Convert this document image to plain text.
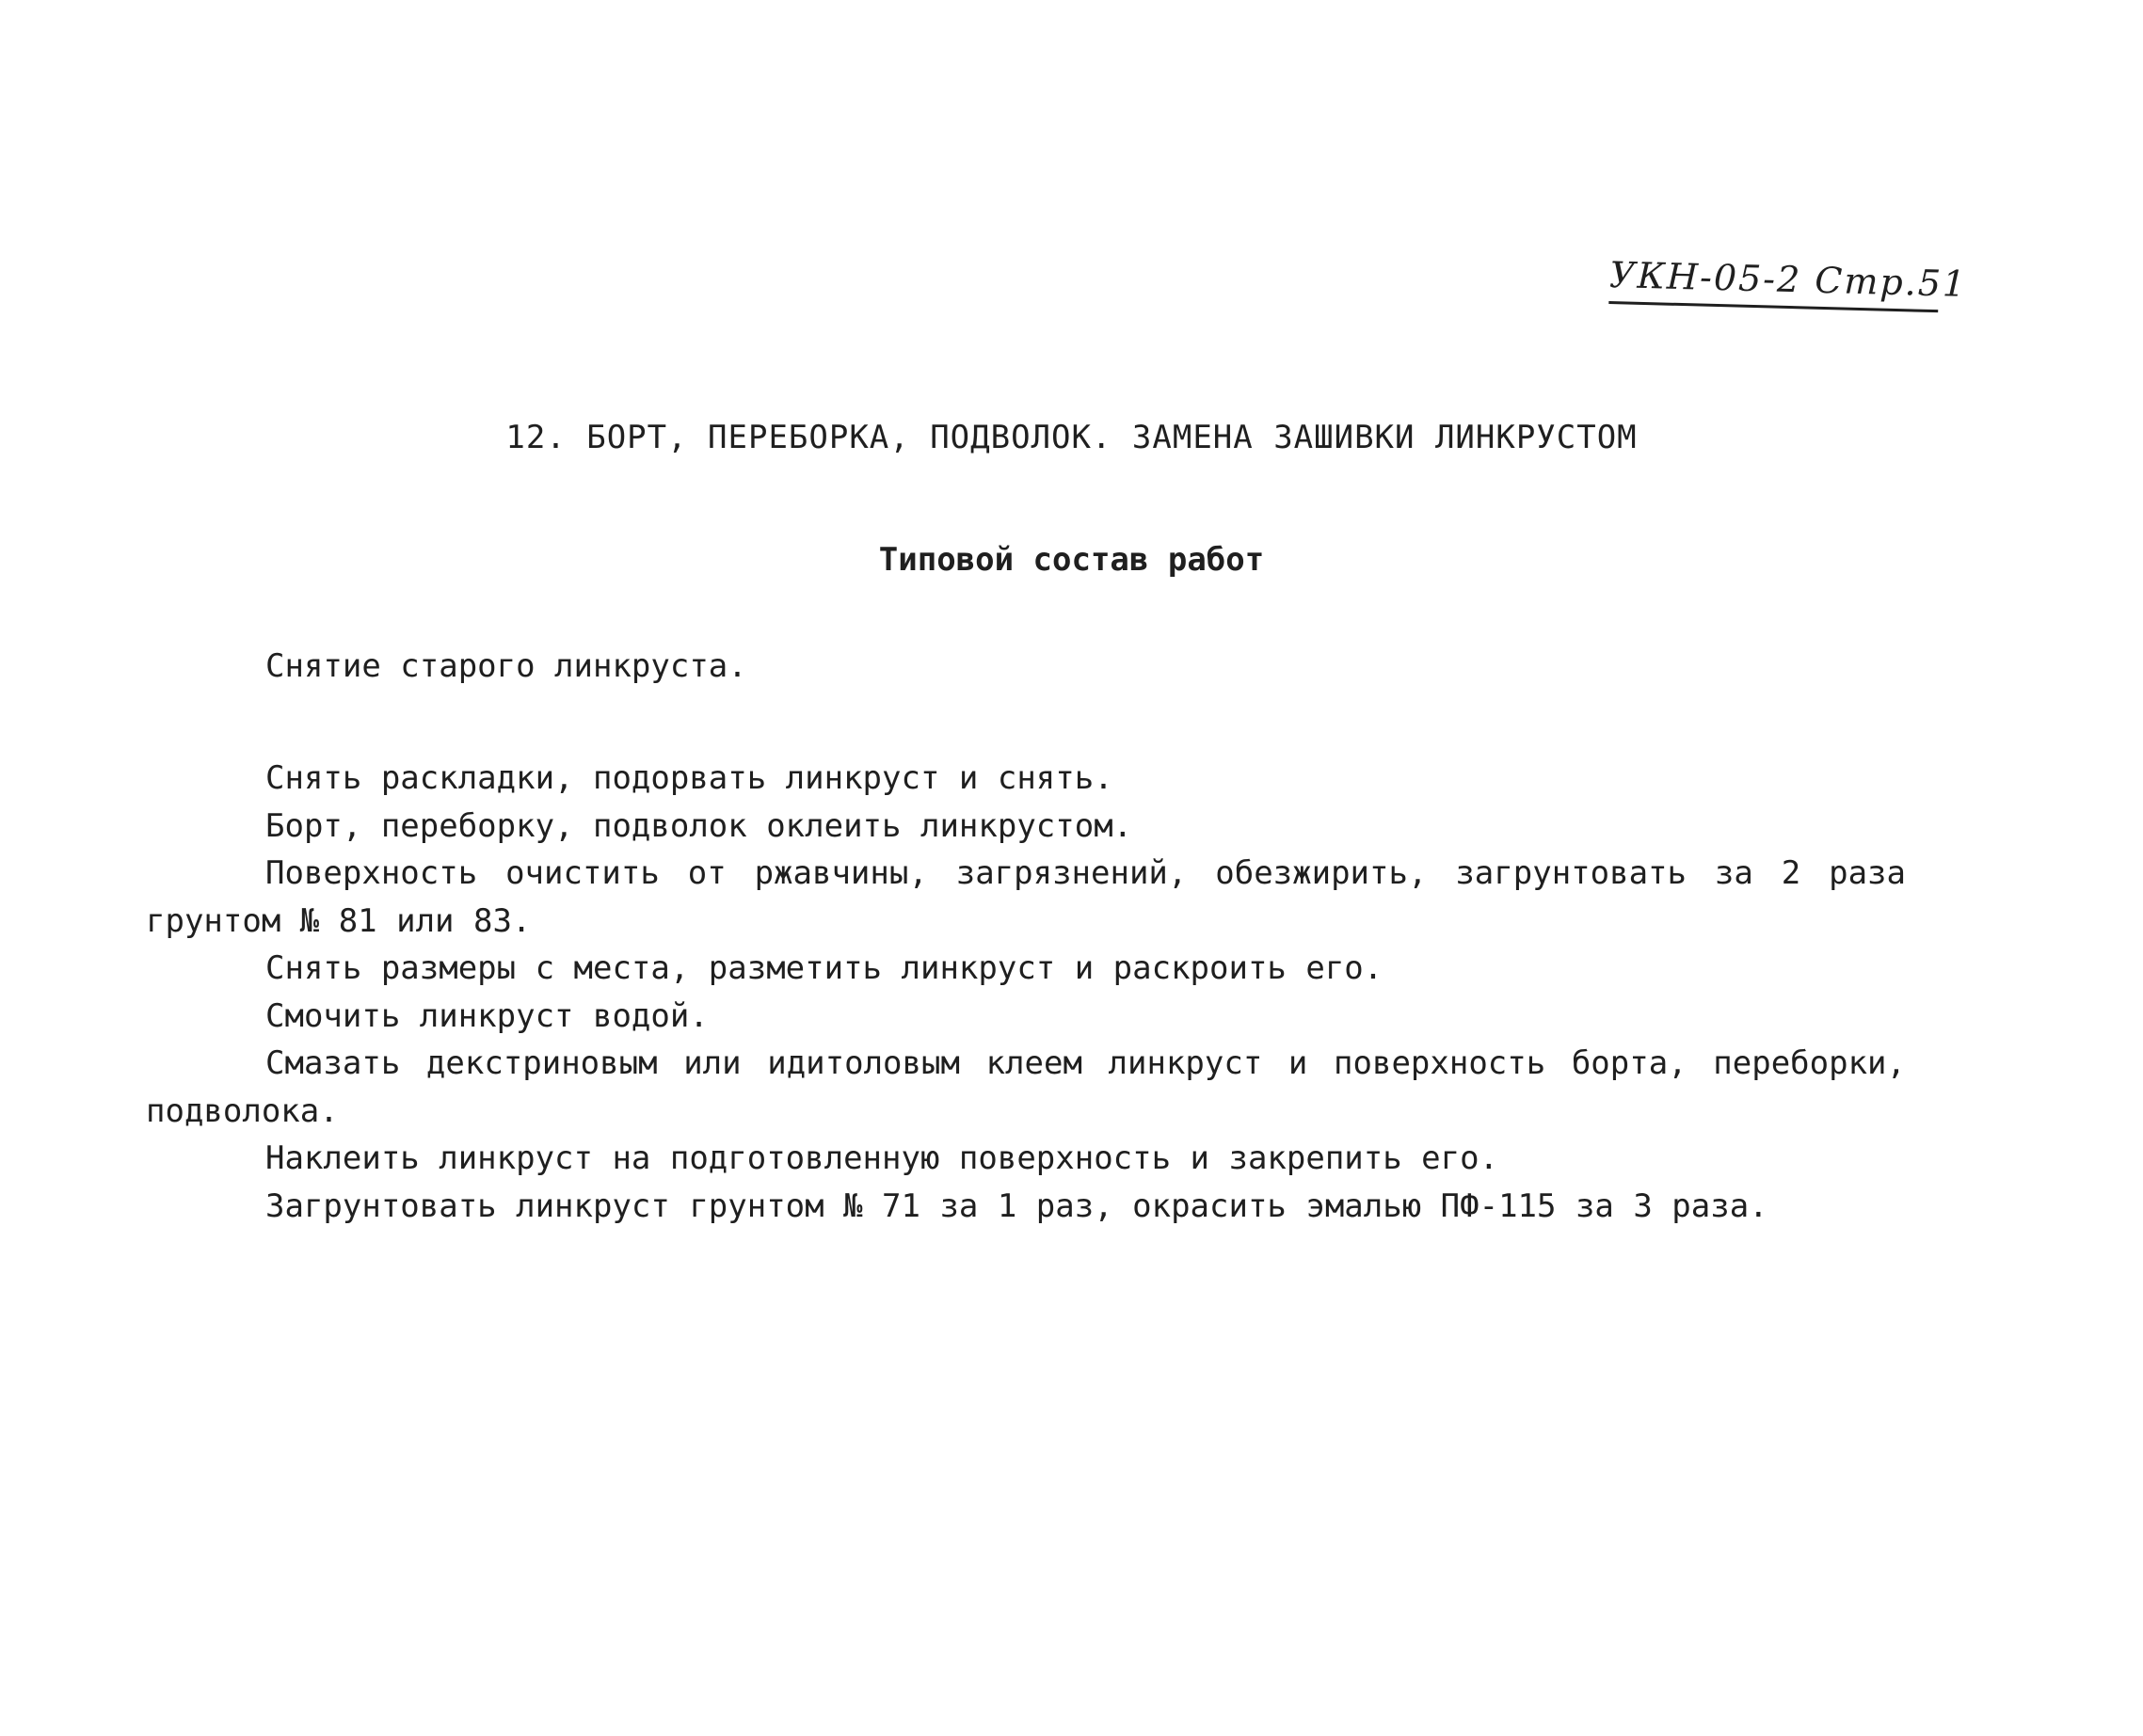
УКН-05-2 Стр.51
12. БОРТ, ПЕРЕБОРКА, ПОДВОЛОК. ЗАМЕНА ЗАШИВКИ ЛИНКРУСТОМ
Типовой состав работ
Снятие старого линкруста.

Снять раскладки, подорвать линкруст и снять.

Борт, переборку, подволок оклеить линкрустом.

Поверхность очистить от ржавчины, загрязнений, обезжирить, загрунтовать за 2 раза грунтом № 81 или 83.

Снять размеры с места, разметить линкруст и раскроить его.

Смочить линкруст водой.

Смазать декстриновым или идитоловым клеем линкруст и поверхность борта, переборки, подволока.

Наклеить линкруст на подготовленную поверхность и закрепить его.

Загрунтовать линкруст грунтом № 71 за 1 раз, окрасить эмалью ПФ-115 за 3 раза.
